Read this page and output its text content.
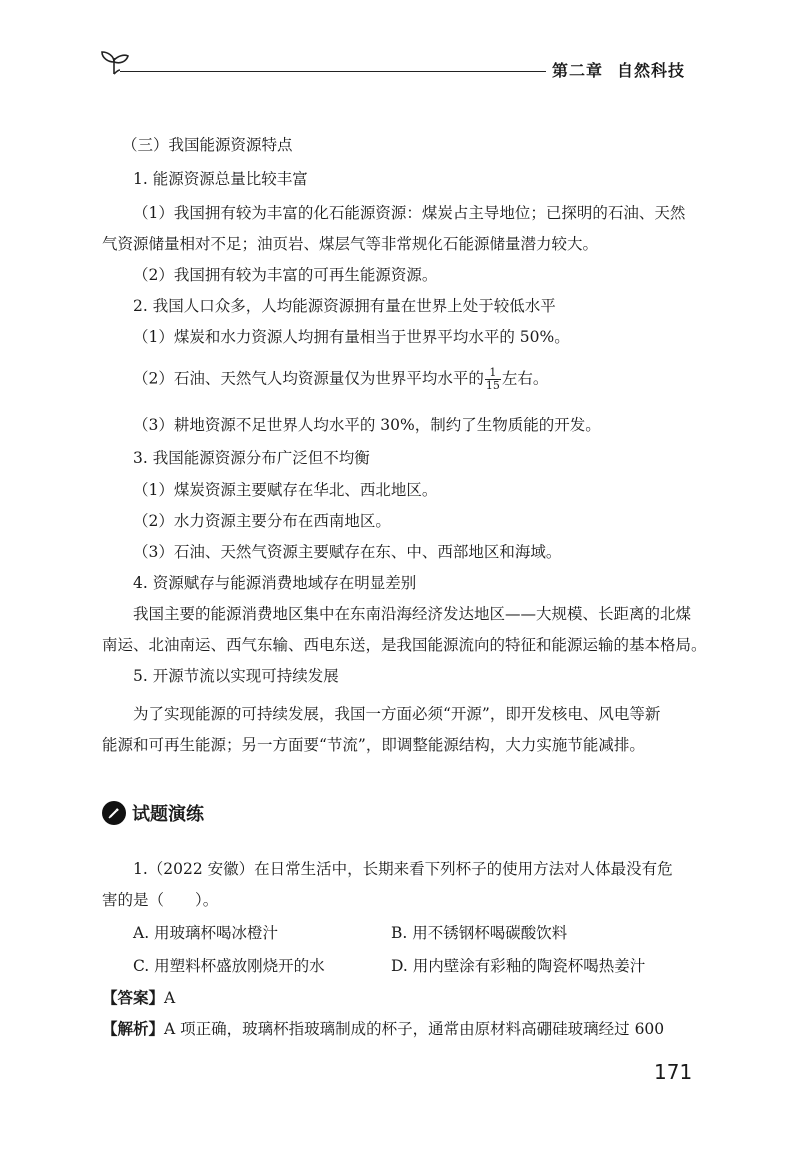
第二章 自然科技
（三）我国能源资源特点
1. 能源资源总量比较丰富
（1）我国拥有较为丰富的化石能源资源：煤炭占主导地位；已探明的石油、天然
气资源储量相对不足；油页岩、煤层气等非常规化石能源储量潜力较大。
（2）我国拥有较为丰富的可再生能源资源。
2. 我国人口众多，人均能源资源拥有量在世界上处于较低水平
（1）煤炭和水力资源人均拥有量相当于世界平均水平的 50%。
（2）石油、天然气人均资源量仅为世界平均水平的 $\frac{1}{15}$ 左右。
（3）耕地资源不足世界人均水平的 30%，制约了生物质能的开发。
3. 我国能源资源分布广泛但不均衡
（1）煤炭资源主要赋存在华北、西北地区。
（2）水力资源主要分布在西南地区。
（3）石油、天然气资源主要赋存在东、中、西部地区和海域。
4. 资源赋存与能源消费地域存在明显差别
我国主要的能源消费地区集中在东南沿海经济发达地区——大规模、长距离的北煤
南运、北油南运、西气东输、西电东送，是我国能源流向的特征和能源运输的基本格局。
5. 开源节流以实现可持续发展
为了实现能源的可持续发展，我国一方面必须“开源”，即开发核电、风电等新
能源和可再生能源；另一方面要“节流”，即调整能源结构，大力实施节能减排。
试题演练
1.（2022 安徽）在日常生活中，长期来看下列杯子的使用方法对人体最没有危
害的是（　　）。
A. 用玻璃杯喝冰橙汁	B. 用不锈钢杯喝碳酸饮料
C. 用塑料杯盛放刚烧开的水	D. 用内壁涂有彩釉的陶瓷杯喝热姜汁
【答案】A
【解析】A 项正确，玻璃杯指玻璃制成的杯子，通常由原材料高硼硅玻璃经过 600
171
